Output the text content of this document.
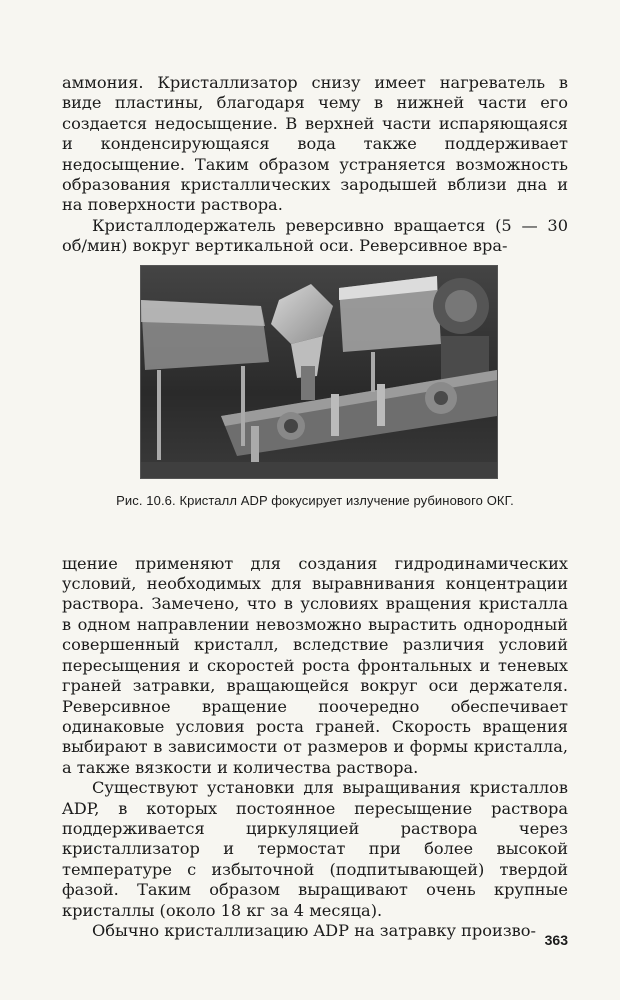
аммония. Кристаллизатор снизу имеет нагреватель в виде пластины, благодаря чему в нижней части его создается недосыщение. В верхней части испаряющаяся и конденсирующаяся вода также поддерживает недосыщение. Таким образом устраняется возможность образования кристаллических зародышей вблизи дна и на поверхности раствора.

Кристаллодержатель реверсивно вращается (5 — 30 об/мин) вокруг вертикальной оси. Реверсивное вра-

Рис. 10.6. Кристалл ADP фокусирует излучение рубинового ОКГ.

щение применяют для создания гидродинамических условий, необходимых для выравнивания концентрации раствора. Замечено, что в условиях вращения кристалла в одном направлении невозможно вырастить однородный совершенный кристалл, вследствие различия условий пересыщения и скоростей роста фронтальных и теневых граней затравки, вращающейся вокруг оси держателя. Реверсивное вращение поочередно обеспечивает одинаковые условия роста граней. Скорость вращения выбирают в зависимости от размеров и формы кристалла, а также вязкости и количества раствора.

Существуют установки для выращивания кристаллов ADP, в которых постоянное пересыщение раствора поддерживается циркуляцией раствора через кристаллизатор и термостат при более высокой температуре с избыточной (подпитывающей) твердой фазой. Таким образом выращивают очень крупные кристаллы (около 18 кг за 4 месяца).

Обычно кристаллизацию ADP на затравку произво-

363
